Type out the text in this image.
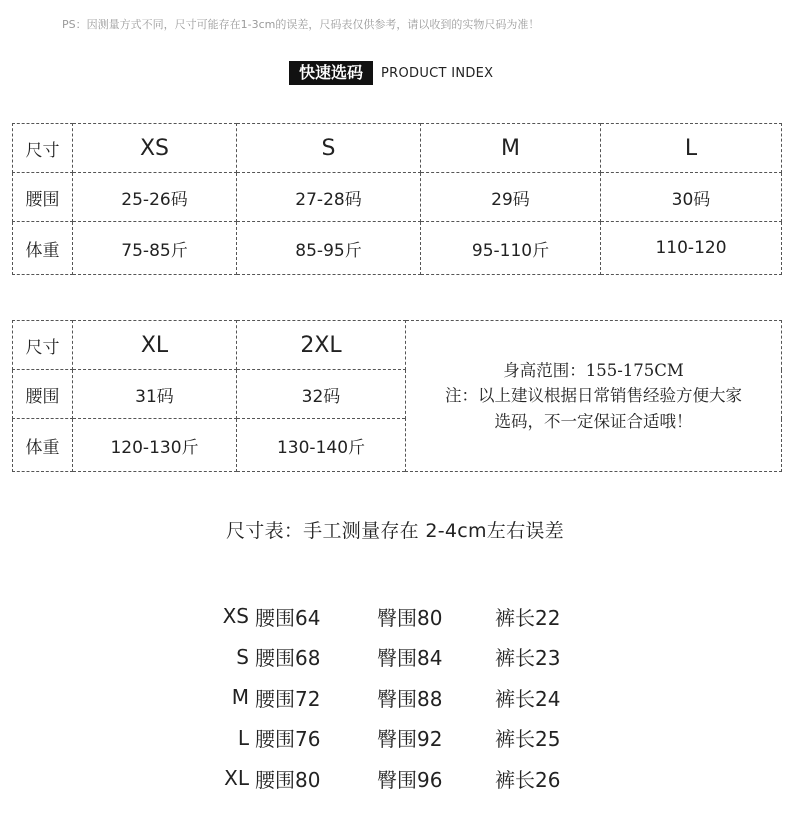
PS：因测量方式不同，尺寸可能存在1-3cm的误差，尺码表仅供参考，请以收到的实物尺码为准！
快速选码	PRODUCT INDEX
尺寸	XS	S	M	L
腰围	25-26码	27-28码	29码	30码
体重	75-85斤	85-95斤	95-110斤	110-120
尺寸	XL	2XL	身高范围：155-175CM
注：以上建议根据日常销售经验方便大家
选码，不一定保证合适哦！

腰围	31码	32码	
体重	120-130斤	130-140斤	
尺寸表：手工测量存在 2-4cm左右误差
XS 腰围64	臀围80	裤长22
S 腰围68	臀围84	裤长23
M 腰围72	臀围88	裤长24
L 腰围76	臀围92	裤长25
XL 腰围80	臀围96	裤长26
